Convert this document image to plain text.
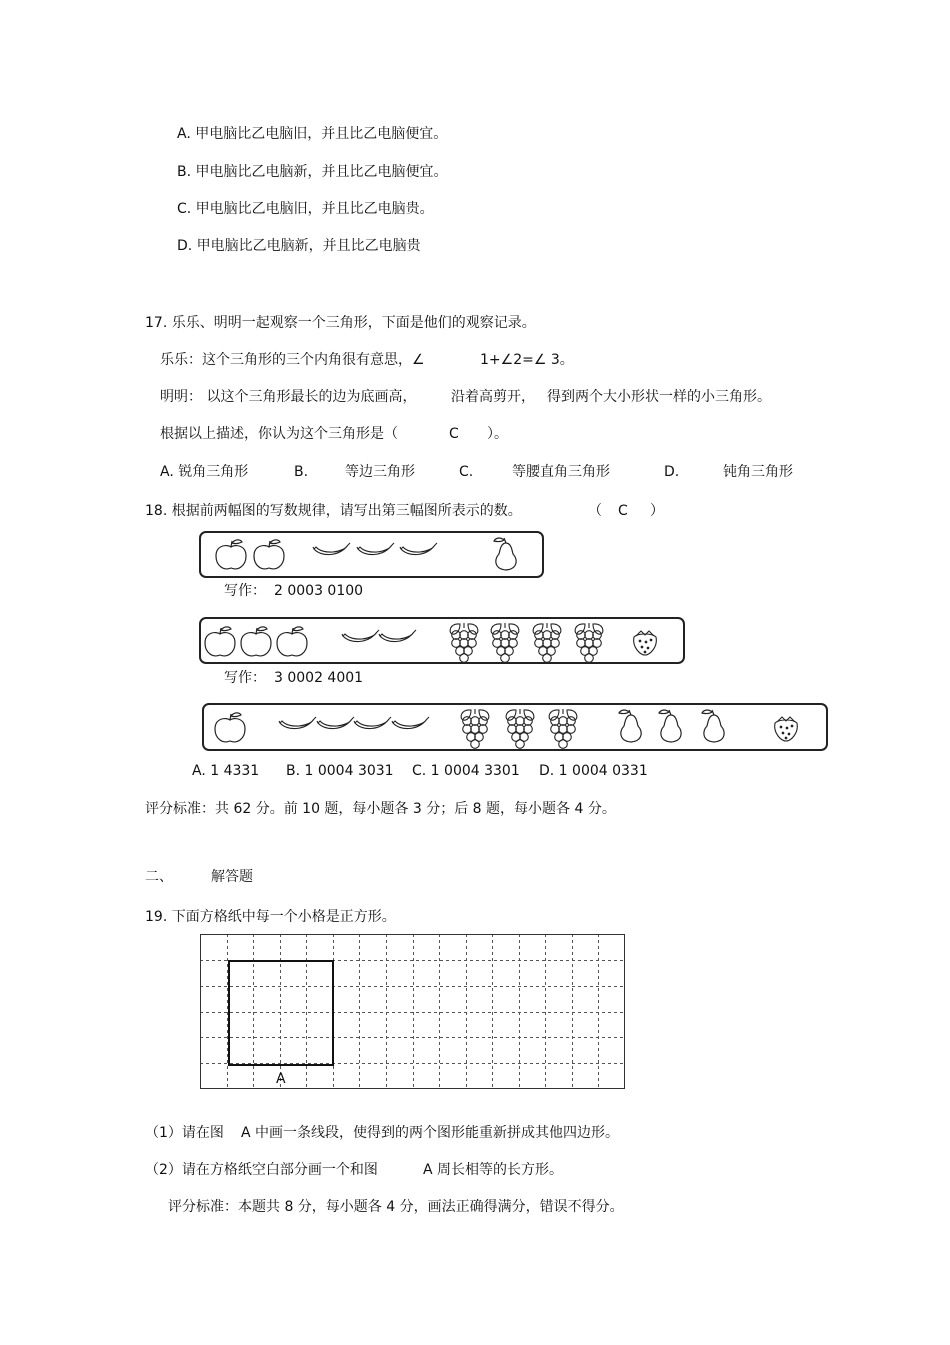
A. 甲电脑比乙电脑旧，并且比乙电脑便宜。
B. 甲电脑比乙电脑新，并且比乙电脑便宜。
C. 甲电脑比乙电脑旧，并且比乙电脑贵。
D. 甲电脑比乙电脑新，并且比乙电脑贵
17. 乐乐、明明一起观察一个三角形，下面是他们的观察记录。
乐乐：这个三角形的三个内角很有意思，∠	1+∠2=∠ 3。
明明： 以这个三角形最长的边为底画高， 沿着高剪开， 得到两个大小形状一样的小三角形。
根据以上描述，你认为这个三角形是（	C ）。
A. 锐角三角形	B.	等边三角形	C.	等腰直角三角形	D.	钝角三角形
18. 根据前两幅图的写数规律，请写出第三幅图所表示的数。	（ C ）
写作： 2 0003 0100
写作： 3 0002 4001
A. 1 4331 B. 1 0004 3031 C. 1 0004 3301 D. 1 0004 0331
评分标准：共 62 分。前 10 题，每小题各 3 分；后 8 题，每小题各 4 分。
二、	解答题
19. 下面方格纸中每一个小格是正方形。
A
（1）请在图 A 中画一条线段，使得到的两个图形能重新拼成其他四边形。
（2）请在方格纸空白部分画一个和图	A 周长相等的长方形。
评分标准：本题共 8 分，每小题各 4 分，画法正确得满分，错误不得分。
